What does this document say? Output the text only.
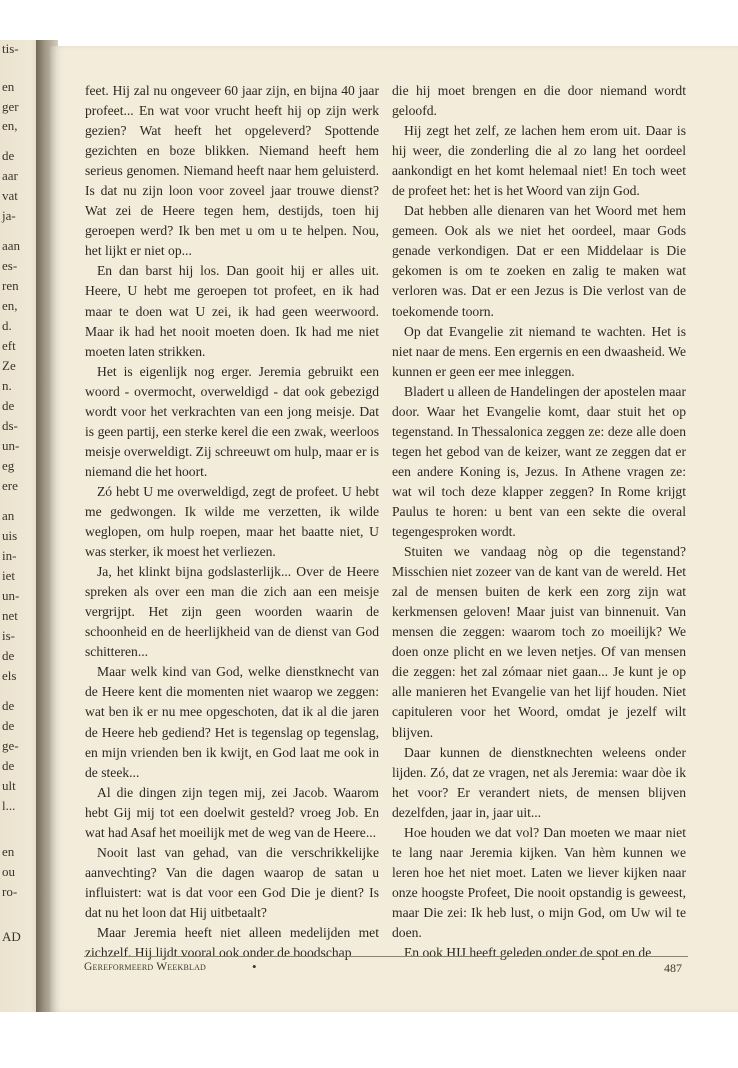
tis-
en
ger
en,
de
aar
vat
ja-
aan
es-
ren
en,
d.
eft
Ze
n.
de
ds-
un-
eg
ere
an
uis
in-
iet
un-
net
is-
de
els
de
de
ge-
de
ult
l...
en
ou
ro-
AD

feet. Hij zal nu ongeveer 60 jaar zijn, en bijna 40 jaar profeet... En wat voor vrucht heeft hij op zijn werk gezien? Wat heeft het opgeleverd? Spottende gezichten en boze blikken. Niemand heeft hem serieus genomen. Niemand heeft naar hem geluisterd. Is dat nu zijn loon voor zoveel jaar trouwe dienst? Wat zei de Heere tegen hem, destijds, toen hij geroepen werd? Ik ben met u om u te helpen. Nou, het lijkt er niet op...

En dan barst hij los. Dan gooit hij er alles uit. Heere, U hebt me geroepen tot profeet, en ik had maar te doen wat U zei, ik had geen weerwoord. Maar ik had het nooit moeten doen. Ik had me niet moeten laten strikken.

Het is eigenlijk nog erger. Jeremia gebruikt een woord - overmocht, overweldigd - dat ook gebezigd wordt voor het verkrachten van een jong meisje. Dat is geen partij, een sterke kerel die een zwak, weerloos meisje overweldigt. Zij schreeuwt om hulp, maar er is niemand die het hoort.

Zó hebt U me overweldigd, zegt de profeet. U hebt me gedwongen. Ik wilde me verzetten, ik wilde weglopen, om hulp roepen, maar het baatte niet, U was sterker, ik moest het verliezen.

Ja, het klinkt bijna godslasterlijk... Over de Heere spreken als over een man die zich aan een meisje vergrijpt. Het zijn geen woorden waarin de schoonheid en de heerlijkheid van de dienst van God schitteren...

Maar welk kind van God, welke dienstknecht van de Heere kent die momenten niet waarop we zeggen: wat ben ik er nu mee opgeschoten, dat ik al die jaren de Heere heb gediend? Het is tegenslag op tegenslag, en mijn vrienden ben ik kwijt, en God laat me ook in de steek...

Al die dingen zijn tegen mij, zei Jacob. Waarom hebt Gij mij tot een doelwit gesteld? vroeg Job. En wat had Asaf het moeilijk met de weg van de Heere...

Nooit last van gehad, van die verschrikkelijke aanvechting? Van die dagen waarop de satan u influistert: wat is dat voor een God Die je dient? Is dat nu het loon dat Hij uitbetaalt?

Maar Jeremia heeft niet alleen medelijden met zichzelf. Hij lijdt vooral ook onder de boodschap

die hij moet brengen en die door niemand wordt geloofd.

Hij zegt het zelf, ze lachen hem erom uit. Daar is hij weer, die zonderling die al zo lang het oordeel aankondigt en het komt helemaal niet! En toch weet de profeet het: het is het Woord van zijn God.

Dat hebben alle dienaren van het Woord met hem gemeen. Ook als we niet het oordeel, maar Gods genade verkondigen. Dat er een Middelaar is Die gekomen is om te zoeken en zalig te maken wat verloren was. Dat er een Jezus is Die verlost van de toekomende toorn.

Op dat Evangelie zit niemand te wachten. Het is niet naar de mens. Een ergernis en een dwaasheid. We kunnen er geen eer mee inleggen.

Bladert u alleen de Handelingen der apostelen maar door. Waar het Evangelie komt, daar stuit het op tegenstand. In Thessalonica zeggen ze: deze alle doen tegen het gebod van de keizer, want ze zeggen dat er een andere Koning is, Jezus. In Athene vragen ze: wat wil toch deze klapper zeggen? In Rome krijgt Paulus te horen: u bent van een sekte die overal tegengesproken wordt.

Stuiten we vandaag nòg op die tegenstand? Misschien niet zozeer van de kant van de wereld. Het zal de mensen buiten de kerk een zorg zijn wat kerkmensen geloven! Maar juist van binnenuit. Van mensen die zeggen: waarom toch zo moeilijk? We doen onze plicht en we leven netjes. Of van mensen die zeggen: het zal zómaar niet gaan... Je kunt je op alle manieren het Evangelie van het lijf houden. Niet capituleren voor het Woord, omdat je jezelf wilt blijven.

Daar kunnen de dienstknechten weleens onder lijden. Zó, dat ze vragen, net als Jeremia: waar dòe ik het voor? Er verandert niets, de mensen blijven dezelfden, jaar in, jaar uit...

Hoe houden we dat vol? Dan moeten we maar niet te lang naar Jeremia kijken. Van hèm kunnen we leren hoe het niet moet. Laten we liever kijken naar onze hoogste Profeet, Die nooit opstandig is geweest, maar Die zei: Ik heb lust, o mijn God, om Uw wil te doen.

En ook HIJ heeft geleden onder de spot en de

Gereformeerd Weekblad	•	487
